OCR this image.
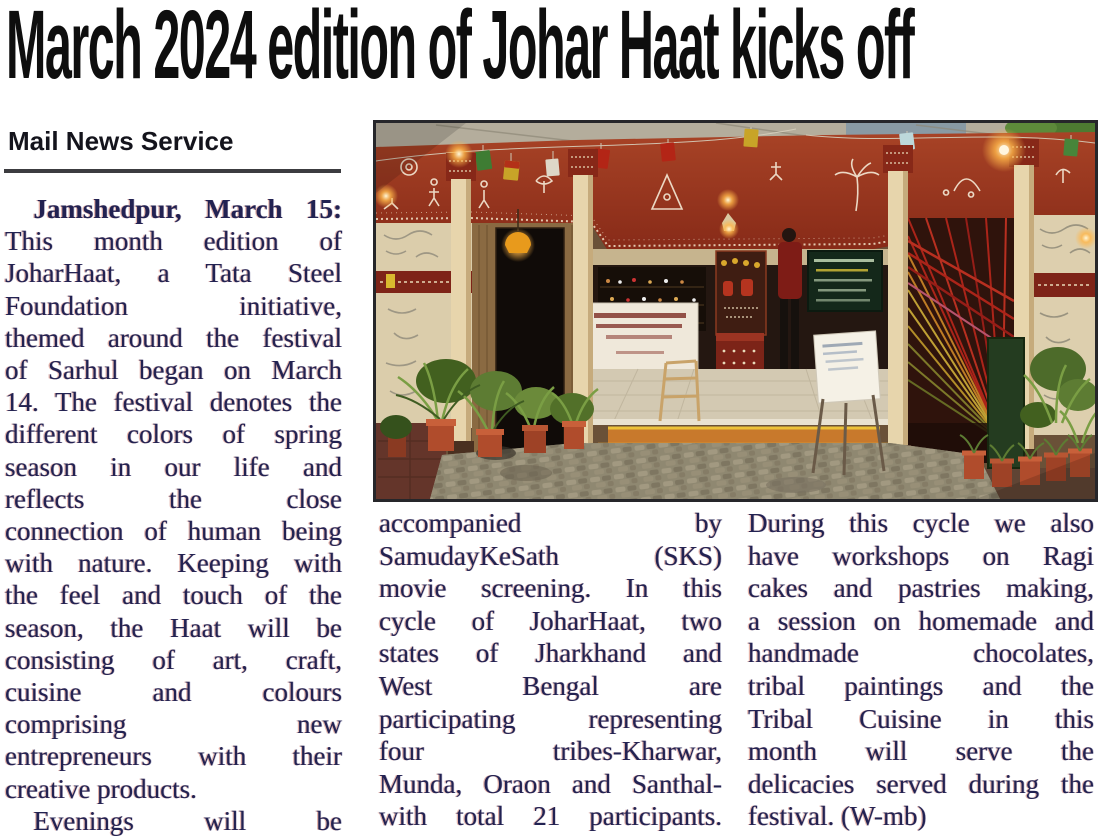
March 2024 edition of Johar Haat kicks off
Mail News Service
Jamshedpur, March 15:
This month edition of
JoharHaat, a Tata Steel
Foundation initiative,
themed around the festival
of Sarhul began on March
14. The festival denotes the
different colors of spring
season in our life and
reflects the close
connection of human being
with nature. Keeping with
the feel and touch of the
season, the Haat will be
consisting of art, craft,
cuisine and colours
comprising new
entrepreneurs with their
creative products.
Evenings will be
accompanied by
SamudayKeSath (SKS)
movie screening. In this
cycle of JoharHaat, two
states of Jharkhand and
West Bengal are
participating representing
four tribes-Kharwar,
Munda, Oraon and Santhal-
with total 21 participants.
During this cycle we also
have workshops on Ragi
cakes and pastries making,
a session on homemade and
handmade chocolates,
tribal paintings and the
Tribal Cuisine in this
month will serve the
delicacies served during the
festival. (W-mb)
